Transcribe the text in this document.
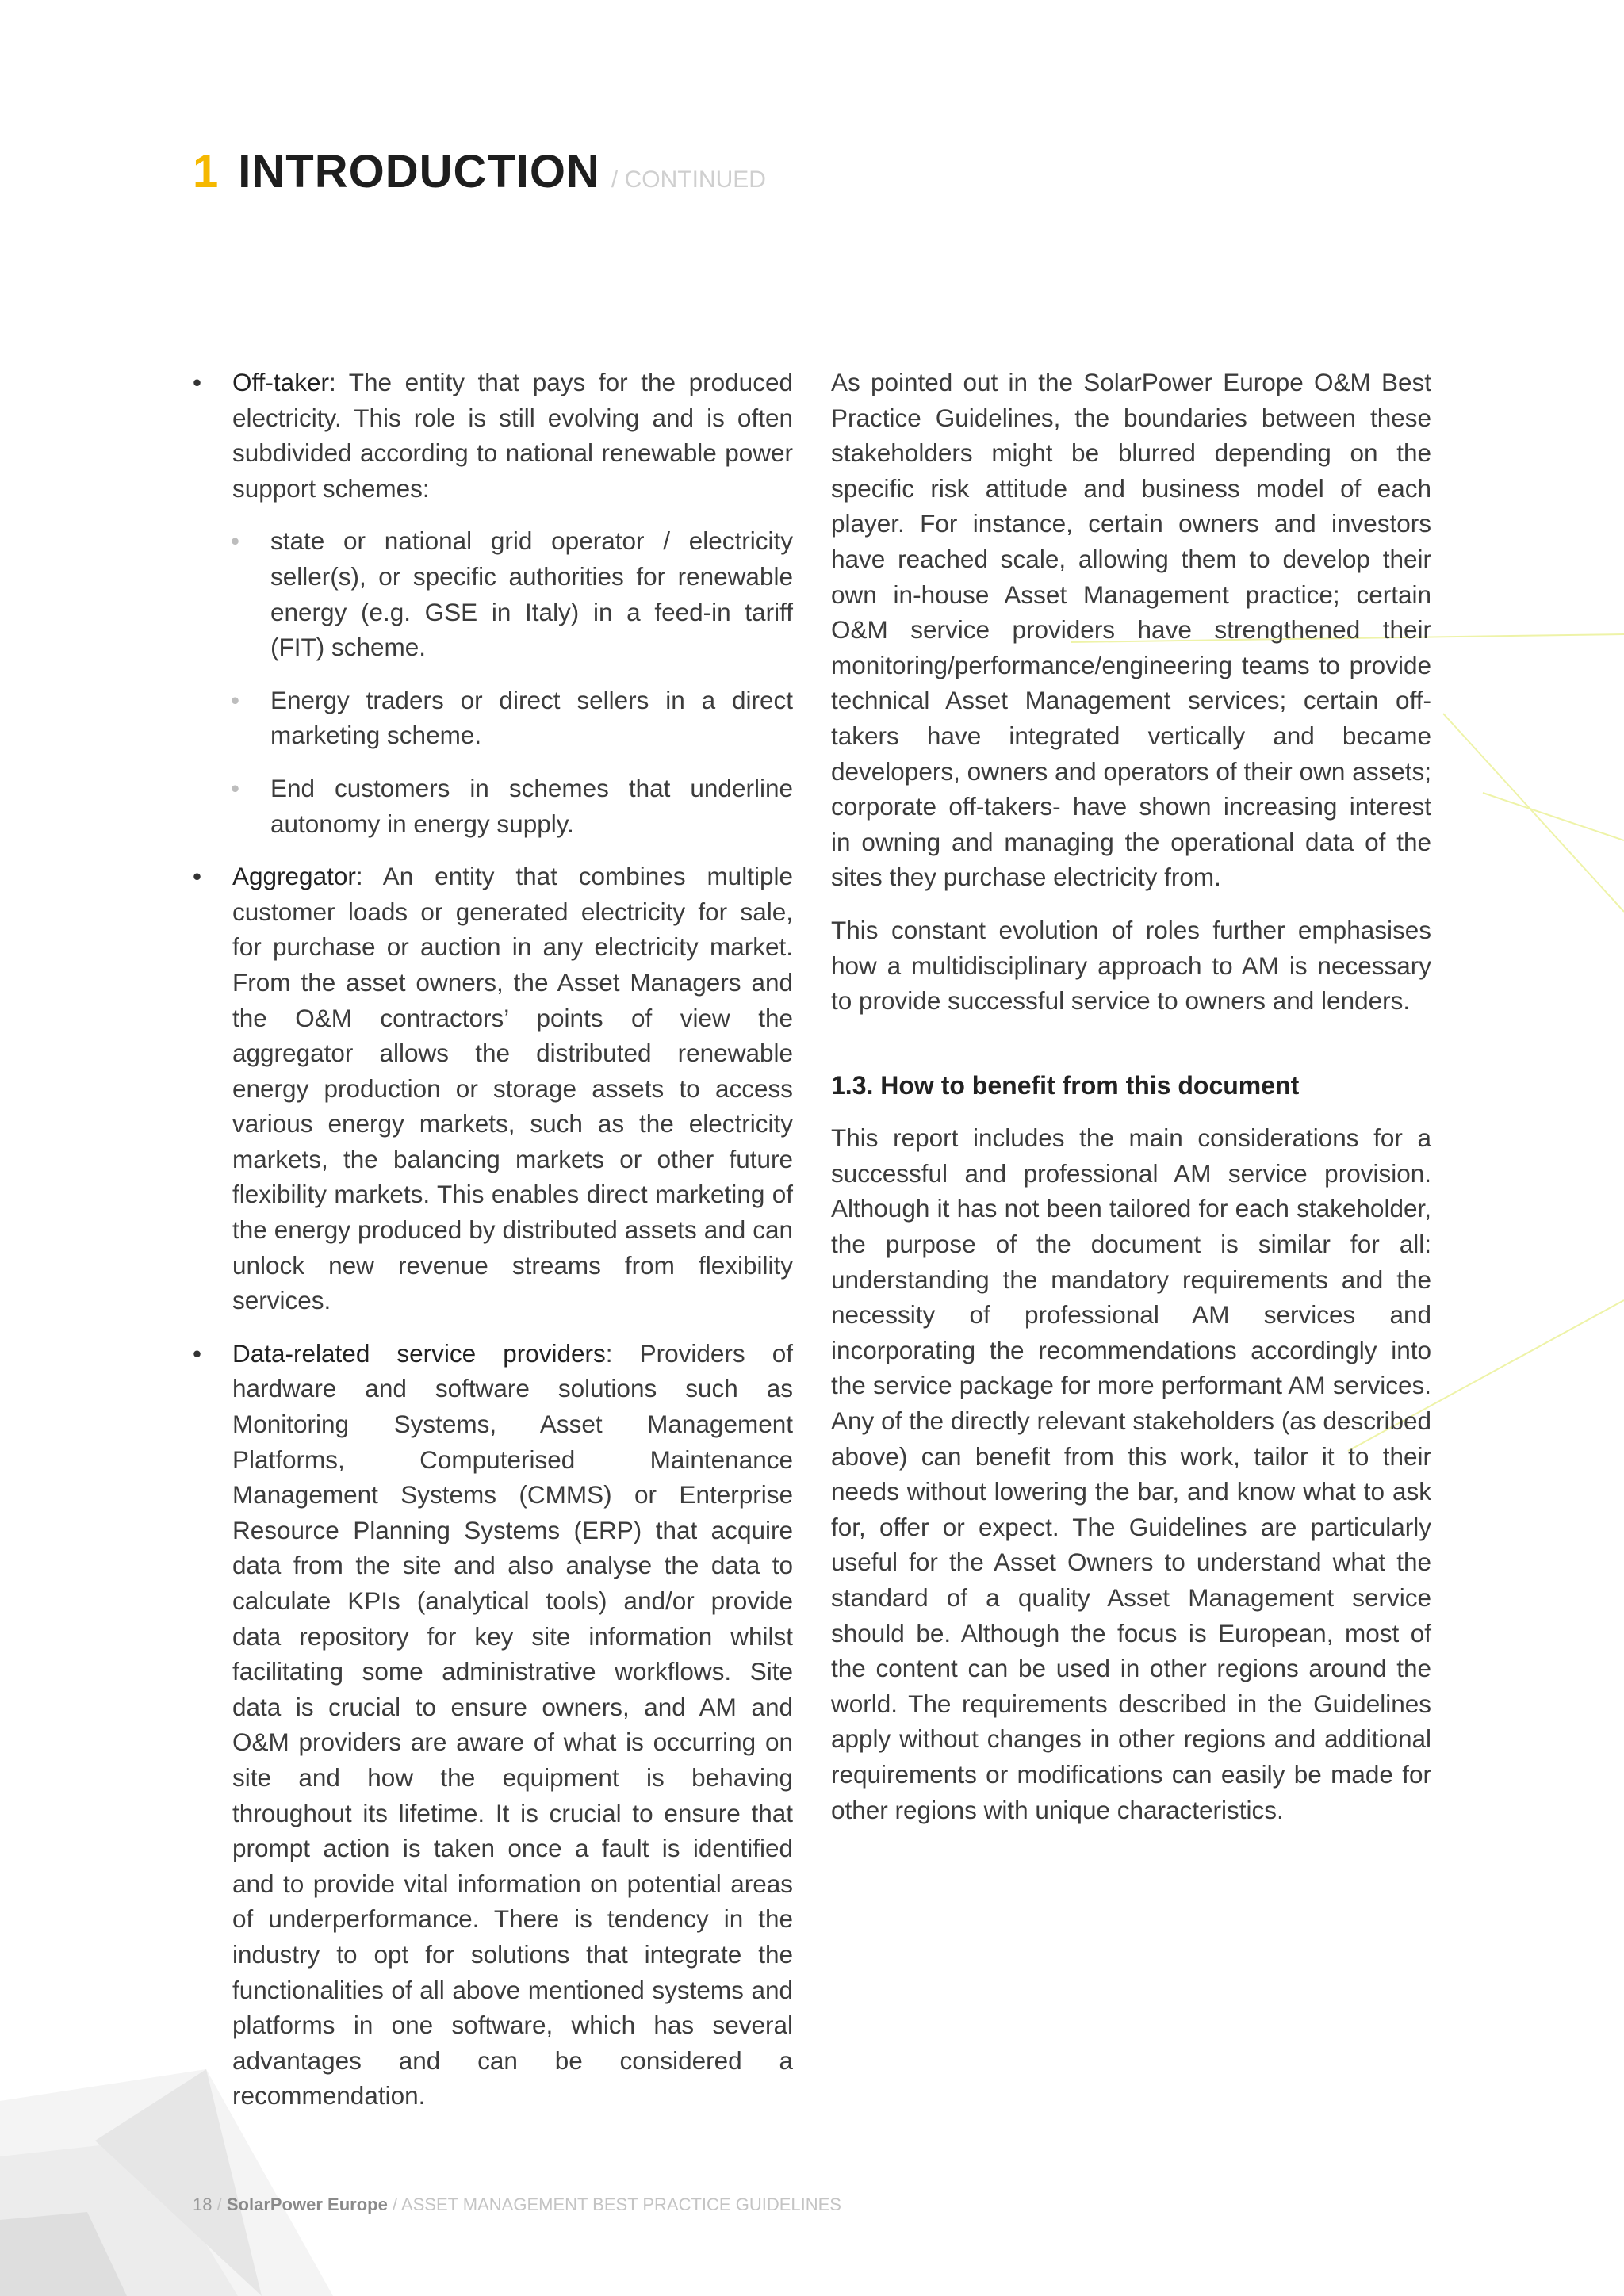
1 INTRODUCTION / CONTINUED
• Off-taker: The entity that pays for the produced electricity. This role is still evolving and is often subdivided according to national renewable power support schemes:
• state or national grid operator / electricity seller(s), or specific authorities for renewable energy (e.g. GSE in Italy) in a feed-in tariff (FIT) scheme.
• Energy traders or direct sellers in a direct marketing scheme.
• End customers in schemes that underline autonomy in energy supply.
• Aggregator: An entity that combines multiple customer loads or generated electricity for sale, for purchase or auction in any electricity market. From the asset owners, the Asset Managers and the O&M contractors’ points of view the aggregator allows the distributed renewable energy production or storage assets to access various energy markets, such as the electricity markets, the balancing markets or other future flexibility markets. This enables direct marketing of the energy produced by distributed assets and can unlock new revenue streams from flexibility services.
• Data-related service providers: Providers of hardware and software solutions such as Monitoring Systems, Asset Management Platforms, Computerised Maintenance Management Systems (CMMS) or Enterprise Resource Planning Systems (ERP) that acquire data from the site and also analyse the data to calculate KPIs (analytical tools) and/or provide data repository for key site information whilst facilitating some administrative workflows. Site data is crucial to ensure owners, and AM and O&M providers are aware of what is occurring on site and how the equipment is behaving throughout its lifetime. It is crucial to ensure that prompt action is taken once a fault is identified and to provide vital information on potential areas of underperformance. There is tendency in the industry to opt for solutions that integrate the functionalities of all above mentioned systems and platforms in one software, which has several advantages and can be considered a recommendation.

As pointed out in the SolarPower Europe O&M Best Practice Guidelines, the boundaries between these stakeholders might be blurred depending on the specific risk attitude and business model of each player. For instance, certain owners and investors have reached scale, allowing them to develop their own in-house Asset Management practice; certain O&M service providers have strengthened their monitoring/performance/engineering teams to provide technical Asset Management services; certain off-takers have integrated vertically and became developers, owners and operators of their own assets; corporate off-takers- have shown increasing interest in owning and managing the operational data of the sites they purchase electricity from.

This constant evolution of roles further emphasises how a multidisciplinary approach to AM is necessary to provide successful service to owners and lenders.

1.3. How to benefit from this document

This report includes the main considerations for a successful and professional AM service provision. Although it has not been tailored for each stakeholder, the purpose of the document is similar for all: understanding the mandatory requirements and the necessity of professional AM services and incorporating the recommendations accordingly into the service package for more performant AM services. Any of the directly relevant stakeholders (as described above) can benefit from this work, tailor it to their needs without lowering the bar, and know what to ask for, offer or expect. The Guidelines are particularly useful for the Asset Owners to understand what the standard of a quality Asset Management service should be. Although the focus is European, most of the content can be used in other regions around the world. The requirements described in the Guidelines apply without changes in other regions and additional requirements or modifications can easily be made for other regions with unique characteristics.

18 / SolarPower Europe / ASSET MANAGEMENT BEST PRACTICE GUIDELINES
